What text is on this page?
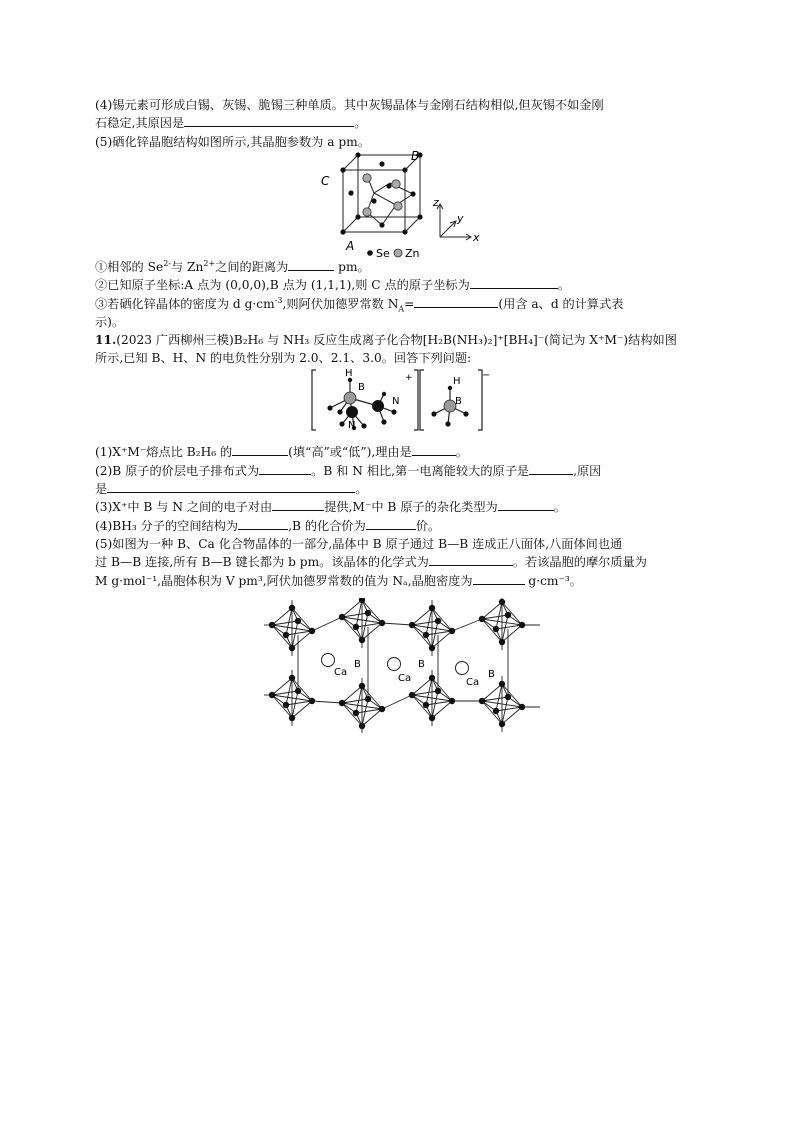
(4)锡元素可形成白锡、灰锡、脆锡三种单质。其中灰锡晶体与金刚石结构相似,但灰锡不如金刚
石稳定,其原因是	。
(5)硒化锌晶胞结构如图所示,其晶胞参数为 a pm。
C
B
A
Se Zn
z
y
x
①相邻的 $Se^{2-}$与 $Zn^{2+}$之间的距离为	pm。
②已知原子坐标:A 点为 (0,0,0),B 点为 (1,1,1),则 C 点的原子坐标为	。
③若硒化锌晶体的密度为 d $g\cdot cm^{-3}$,则阿伏加德罗常数 $N_A=$	(用含 a、d 的计算式表
示)。
11.(2023 广西柳州三模)B₂H₆ 与 NH₃ 反应生成离子化合物[H₂B(NH₃)₂]⁺[BH₄]⁻(简记为 X⁺M⁻)结构如图
所示,已知 B、H、N 的电负性分别为 2.0、2.1、3.0。回答下列问题:
H
B
N
N
+	H
B
−
(1)X⁺M⁻熔点比 B₂H₆ 的	(填“高”或“低”),理由是	。
(2)B 原子的价层电子排布式为	。B 和 N 相比,第一电离能较大的原子是	,原因
是	。
(3)X⁺中 B 与 N 之间的电子对由	提供,M⁻中 B 原子的杂化类型为	。
(4)BH₃ 分子的空间结构为	,B 的化合价为	价。
(5)如图为一种 B、Ca 化合物晶体的一部分,晶体中 B 原子通过 B—B 连成正八面体,八面体间也通
过 B—B 连接,所有 B—B 键长都为 b pm。该晶体的化学式为	。若该晶胞的摩尔质量为
M g·mol⁻¹,晶胞体积为 V pm³,阿伏加德罗常数的值为 Nₐ,晶胞密度为	g·cm⁻³。
Ca
B
Ca
B
Ca
B
